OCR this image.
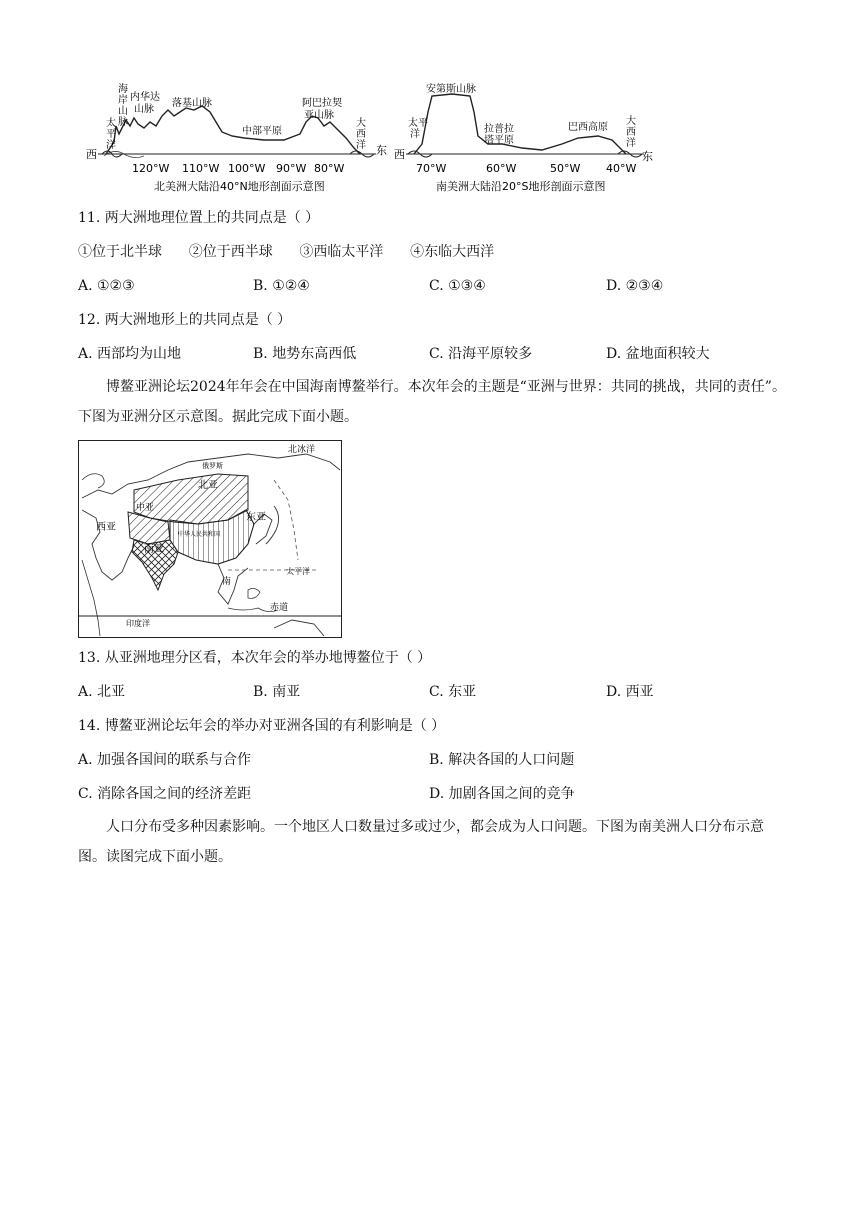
120°W 110°W 100°W 90°W 80°W
西	东
太
平
洋
海
岸
山
脉
内华达
山脉
落基山脉
中部平原
阿巴拉契
亚山脉
大
西
洋
北美洲大陆沿40°N地形剖面示意图
70°W	60°W	50°W 40°W
西	东
太平
洋
安第斯山脉
拉普拉
塔平原
巴西高原
大
西
洋
南美洲大陆沿20°S地形剖面示意图
11. 两大洲地理位置上的共同点是（ ）
①位于北半球      ②位于西半球      ③西临太平洋      ④东临大西洋
A. ①②③	B. ①②④	C. ①③④	D. ②③④
12. 两大洲地形上的共同点是（ ）
A. 西部均为山地	B. 地势东高西低	C. 沿海平原较多	D. 盆地面积较大
博鳌亚洲论坛2024年年会在中国海南博鳌举行。本次年会的主题是“亚洲与世界：共同的挑战，共同的责任”。下图为亚洲分区示意图。据此完成下面小题。
北冰洋
俄罗斯
北亚
中亚
西亚
东亚
中华人民共和国
南亚
南
太平洋
赤道
印度洋
13. 从亚洲地理分区看，本次年会的举办地博鳌位于（ ）
A. 北亚	B. 南亚	C. 东亚	D. 西亚
14. 博鳌亚洲论坛年会的举办对亚洲各国的有利影响是（ ）
A. 加强各国间的联系与合作	B. 解决各国的人口问题
C. 消除各国之间的经济差距	D. 加剧各国之间的竞争
人口分布受多种因素影响。一个地区人口数量过多或过少，都会成为人口问题。下图为南美洲人口分布示意图。读图完成下面小题。
